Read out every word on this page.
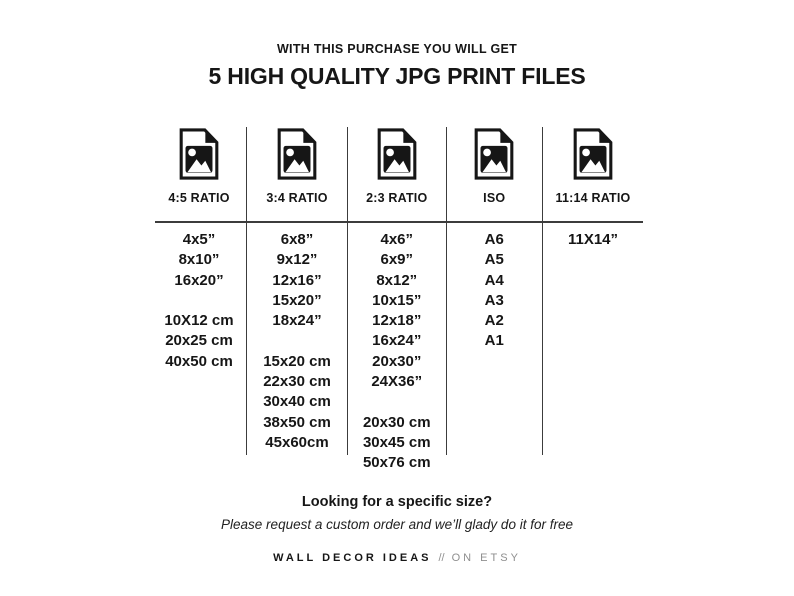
WITH THIS PURCHASE YOU WILL GET
5 HIGH QUALITY JPG PRINT FILES
4:5 RATIO
4x5”
8x10”
16x20”
10X12 cm
20x25 cm
40x50 cm
3:4 RATIO
6x8”
9x12”
12x16”
15x20”
18x24”
15x20 cm
22x30 cm
30x40 cm
38x50 cm
45x60cm
2:3 RATIO
4x6”
6x9”
8x12”
10x15”
12x18”
16x24”
20x30”
24X36”
20x30 cm
30x45 cm
50x76 cm
ISO
A6
A5
A4
A3
A2
A1
11:14 RATIO
11X14”
Looking for a specific size?
Please request a custom order and we’ll glady do it for free
WALL DECOR IDEAS // ON ETSY
